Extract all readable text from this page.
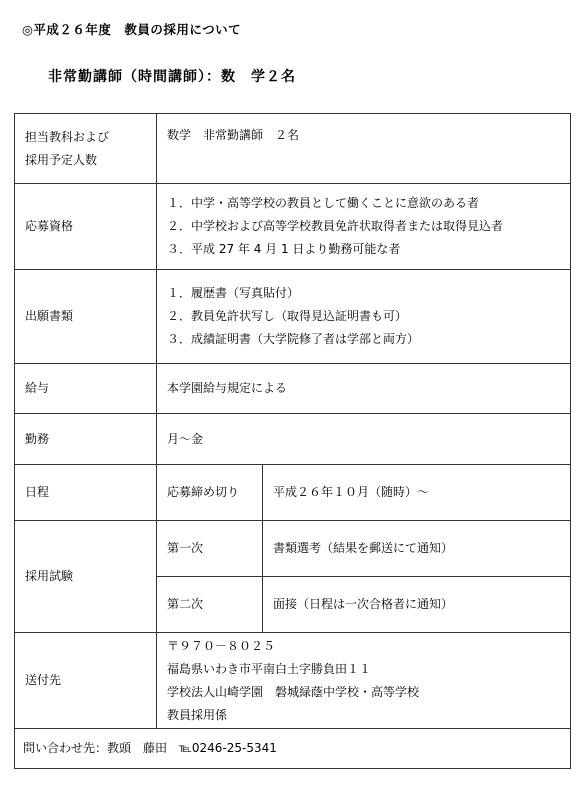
◎平成２６年度　教員の採用について
非常勤講師（時間講師）：数　学２名
担当教科および
採用予定人数	数学　非常勤講師　２名	
応募資格	１．中学・高等学校の教員として働くことに意欲のある者
２．中学校および高等学校教員免許状取得者または取得見込者
３．平成 27 年 4 月 1 日より勤務可能な者	

出願書類	１．履歴書（写真貼付）
２．教員免許状写し（取得見込証明書も可）
３．成績証明書（大学院修了者は学部と両方）	

給与	本学園給与規定による	
勤務	月～金	
日程	応募締め切り	平成２６年１０月（随時）～
採用試験	第一次	書類選考（結果を郵送にて通知）
	第二次	面接（日程は一次合格者に通知）
送付先	〒９７０－８０２５
福島県いわき市平南白土字勝負田１１
学校法人山崎学園　磐城緑蔭中学校・高等学校
教員採用係	

問い合わせ先：教頭　藤田　℡0246-25-5341		
